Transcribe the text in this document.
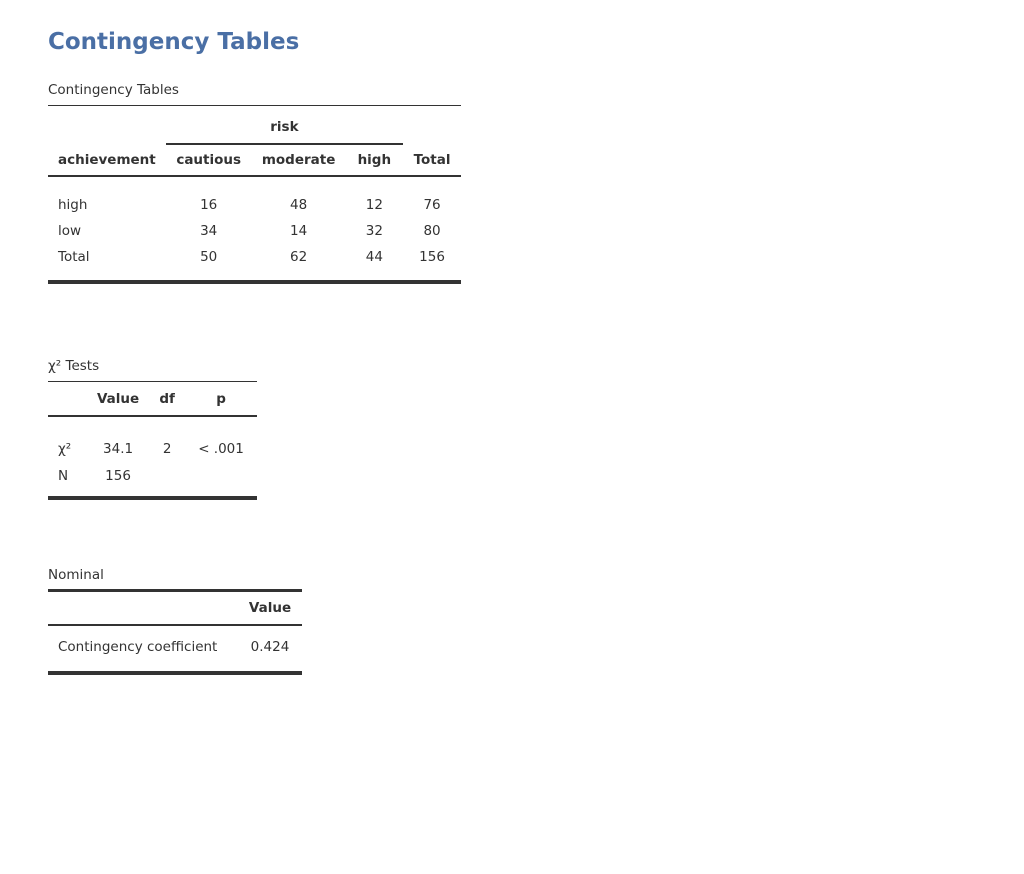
Contingency Tables
Contingency Tables
	risk			
achievement	cautious	moderate	high	Total
high	16	48	12	76
low	34	14	32	80
Total	50	62	44	156

χ² Tests
	Value	df	p
χ²	34.1	2	< .001
N	156		

Nominal
	Value
Contingency coefficient	0.424
